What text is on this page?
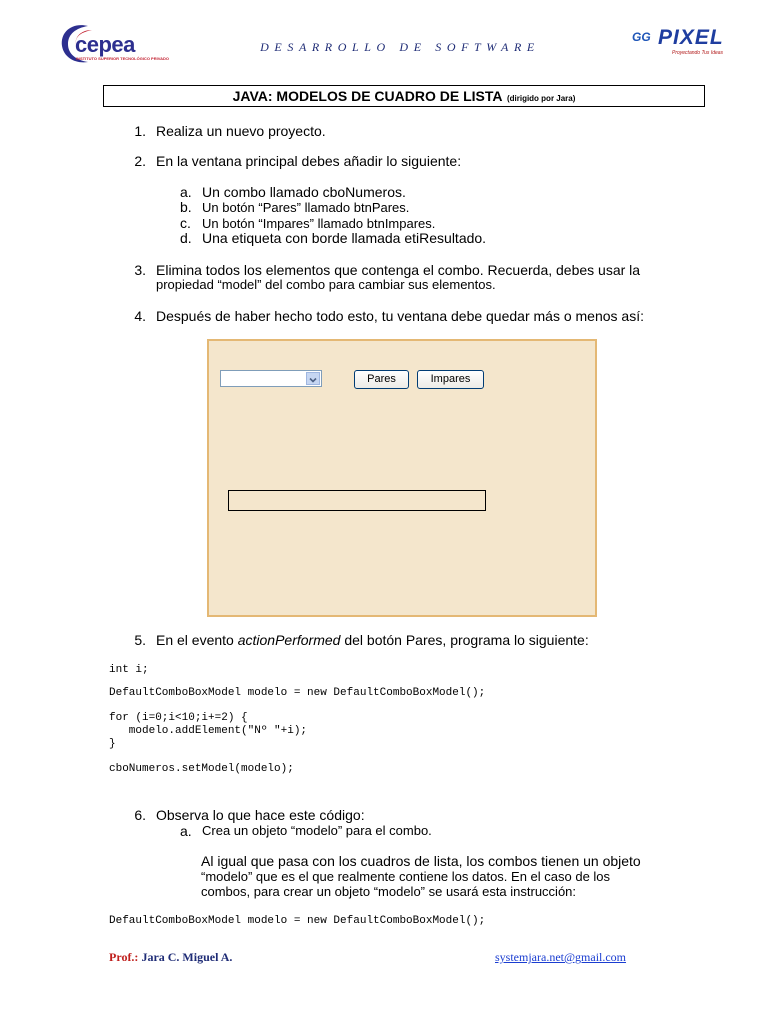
cepea
INSTITUTO SUPERIOR TECNOLÓGICO PRIVADO
DESARROLLO DE SOFTWARE
GG PIXEL
Proyectando Tus Ideas
JAVA: MODELOS DE CUADRO DE LISTA (dirigido por Jara)
1. Realiza un nuevo proyecto.
2. En la ventana principal debes añadir lo siguiente:
a. Un combo llamado cboNumeros.
b. Un botón “Pares” llamado btnPares.
c. Un botón “Impares” llamado btnImpares.
d. Una etiqueta con borde llamada etiResultado.
3. Elimina todos los elementos que contenga el combo. Recuerda, debes usar la
propiedad “model” del combo para cambiar sus elementos.
4. Después de haber hecho todo esto, tu ventana debe quedar más o menos así:
Pares	Impares
5. En el evento actionPerformed del botón Pares, programa lo siguiente:
int i;
DefaultComboBoxModel modelo = new DefaultComboBoxModel();
for (i=0;i<10;i+=2) {
modelo.addElement("Nº "+i);
}
cboNumeros.setModel(modelo);
6. Observa lo que hace este código:
a. Crea un objeto “modelo” para el combo.
Al igual que pasa con los cuadros de lista, los combos tienen un objeto
“modelo” que es el que realmente contiene los datos. En el caso de los
combos, para crear un objeto “modelo” se usará esta instrucción:
DefaultComboBoxModel modelo = new DefaultComboBoxModel();
Prof.: Jara C. Miguel A.	systemjara.net@gmail.com
